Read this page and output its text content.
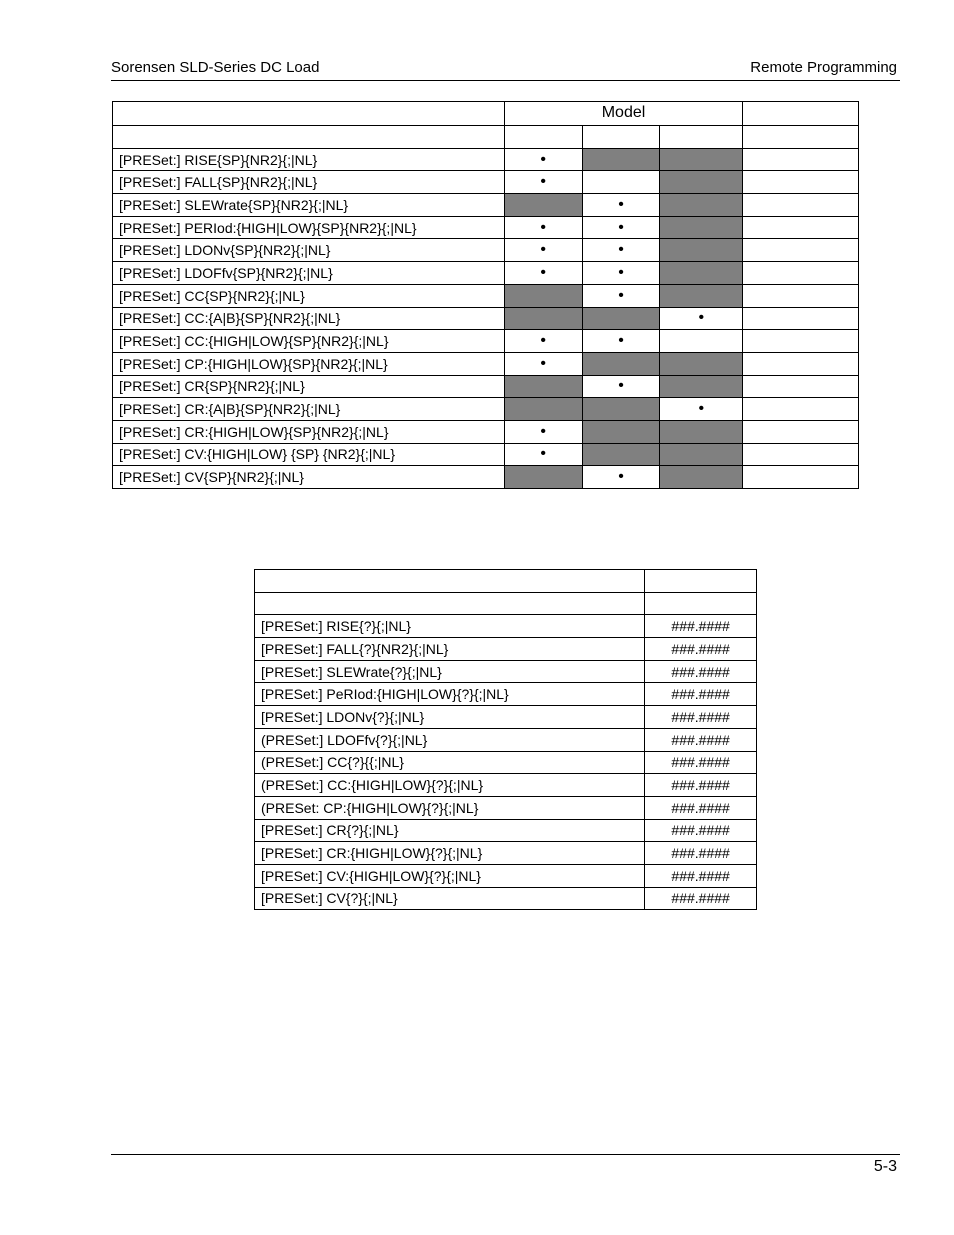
Sorensen SLD-Series DC Load	Remote Programming
	Model			

[PRESet:] RISE{SP}{NR2}{;|NL}	•			
[PRESet:] FALL{SP}{NR2}{;|NL}	•			
[PRESet:] SLEWrate{SP}{NR2}{;|NL}		•		
[PRESet:] PERIod:{HIGH|LOW}{SP}{NR2}{;|NL}	•	•		
[PRESet:] LDONv{SP}{NR2}{;|NL}	•	•		
[PRESet:] LDOFfv{SP}{NR2}{;|NL}	•	•		
[PRESet:] CC{SP}{NR2}{;|NL}		•		
[PRESet:] CC:{A|B}{SP}{NR2}{;|NL}			•	
[PRESet:] CC:{HIGH|LOW}{SP}{NR2}{;|NL}	•	•		
[PRESet:] CP:{HIGH|LOW}{SP}{NR2}{;|NL}	•			
[PRESet:] CR{SP}{NR2}{;|NL}		•		
[PRESet:] CR:{A|B}{SP}{NR2}{;|NL}			•	
[PRESet:] CR:{HIGH|LOW}{SP}{NR2}{;|NL}	•			
[PRESet:] CV:{HIGH|LOW} {SP} {NR2}{;|NL}	•			
[PRESet:] CV{SP}{NR2}{;|NL}		•		

[PRESet:] RISE{?}{;|NL}	###.####
[PRESet:] FALL{?}{NR2}{;|NL}	###.####
[PRESet:] SLEWrate{?}{;|NL}	###.####
[PRESet:] PeRIod:{HIGH|LOW}{?}{;|NL}	###.####
[PRESet:] LDONv{?}{;|NL}	###.####
(PRESet:] LDOFfv{?}{;|NL}	###.####
(PRESet:] CC{?}{{;|NL}	###.####
(PRESet:] CC:{HIGH|LOW}{?}{;|NL}	###.####
(PRESet: CP:{HIGH|LOW}{?}{;|NL}	###.####
[PRESet:] CR{?}{;|NL}	###.####
[PRESet:] CR:{HIGH|LOW}{?}{;|NL}	###.####
[PRESet:] CV:{HIGH|LOW}{?}{;|NL}	###.####
[PRESet:] CV{?}{;|NL}	###.####
5-3
